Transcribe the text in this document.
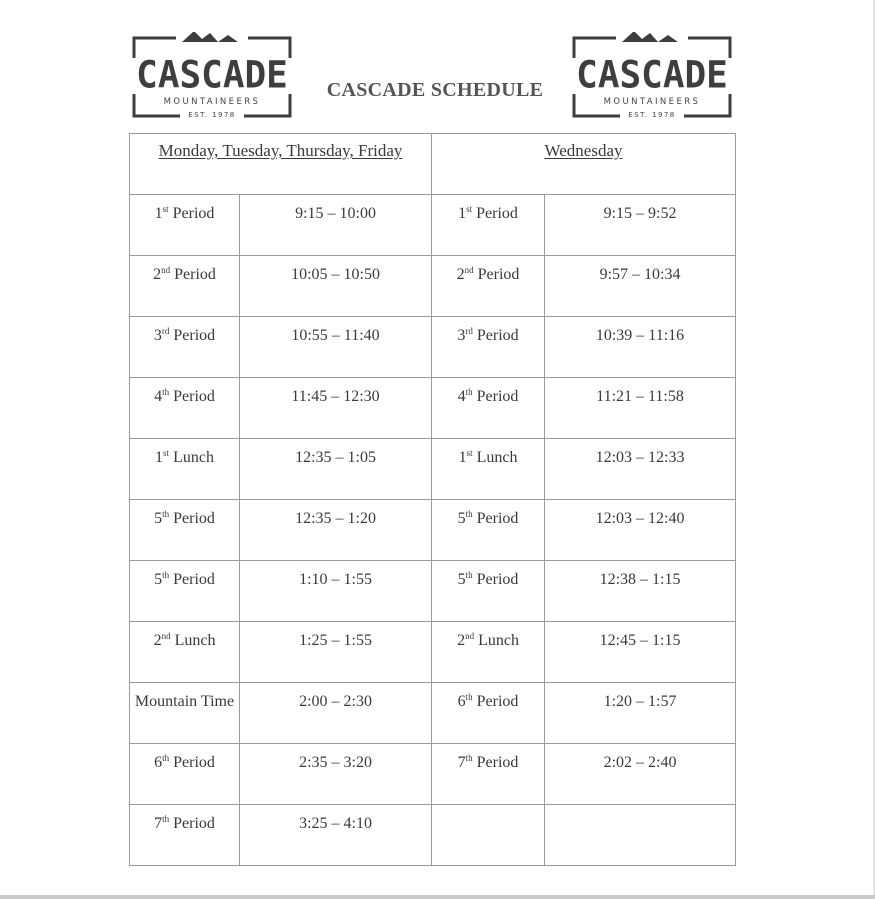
CASCADE
MOUNTAINEERS
EST. 1978
CASCADE SCHEDULE CASCADE
MOUNTAINEERS
EST. 1978
Monday, Tuesday, Thursday, Friday		Wednesday	
1st Period	9:15 – 10:00	1st Period	9:15 – 9:52
2nd Period	10:05 – 10:50	2nd Period	9:57 – 10:34
3rd Period	10:55 – 11:40	3rd Period	10:39 – 11:16
4th Period	11:45 – 12:30	4th Period	11:21 – 11:58
1st Lunch	12:35 – 1:05	1st Lunch	12:03 – 12:33
5th Period	12:35 – 1:20	5th Period	12:03 – 12:40
5th Period	1:10 – 1:55	5th Period	12:38 – 1:15
2nd Lunch	1:25 – 1:55	2nd Lunch	12:45 – 1:15
Mountain Time	2:00 – 2:30	6th Period	1:20 – 1:57
6th Period	2:35 – 3:20	7th Period	2:02 – 2:40
7th Period	3:25 – 4:10		
